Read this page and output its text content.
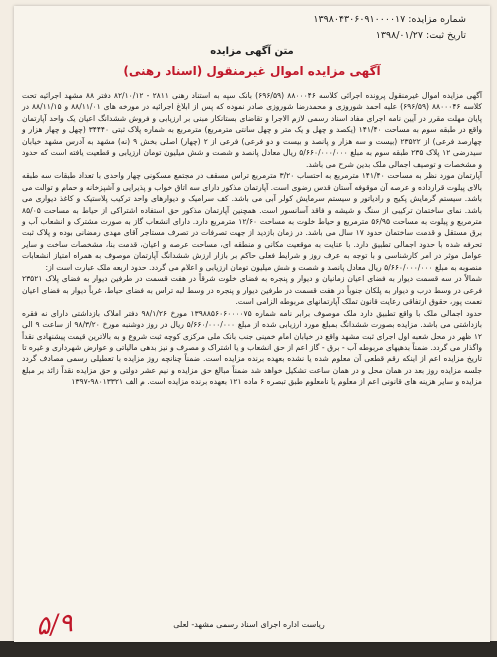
شماره مزایده: ۱۳۹۸۰۴۳۰۶۰۹۱۰۰۰۰۱۷
تاریخ ثبت: ۱۳۹۸/۰۱/۲۷
متن آگهی مزایده
آگهی مزایده اموال غیرمنقول (اسناد رهنی)

آگهی مزایده اموال غیرمنقول پرونده اجرائی کلاسه ۸۸۰۰۰۴۶ (۶۹۶/۵۹) بانک سپه به استناد رهنی ۲۸۱۱ - ۸۲/۱۰/۱۲ دفتر ۸۸ مشهد اجرائیه تحت کلاسه ۸۸۰۰۰۴۶ (۶۹۶/۵۹) علیه احمد شوروزی و محمدرضا شوروزی صادر نموده که پس از ابلاغ اجرائیه در مورخه های ۸۸/۱۱/۰۱ و ۸۸/۱۱/۱۵ در پایان مهلت مقرر در آیین نامه اجرای مفاد اسناد رسمی لازم الاجرا و تقاضای بستانکار مبنی بر ارزیابی و فروش ششدانگ اعیان یک واحد آپارتمان واقع در طبقه سوم به مساحت ۱۴۱/۴۰ (یکصد و چهل و یک متر و چهل سانتی مترمربع) مترمربع به شماره پلاک ثبتی ۳۴۴۴۰ (چهل و چهار هزار و چهارصد فرعی) از ۲۳۵۲۲ (بیست و سه هزار و پانصد و بیست و دو فرعی) فرعی از ۲ (چهار) اصلی بخش ۹ (نه) مشهد به آدرس مشهد خیابان سیدرضی ۱۲ پلاک ۲۳۵ طبقه سوم به مبلغ ۵/۶۶۰/۰۰۰/۰۰۰ ریال معادل پانصد و شصت و شش میلیون تومان ارزیابی و قطعیت یافته است که حدود و مشخصات و توصیف اجمالی ملک بدین شرح می باشد.

آپارتمان مورد نظر به مساحت ۱۴۱/۴۰ مترمربع به احتساب ۳/۲۰ مترمربع تراس مسقف در مجتمع مسکونی چهار واحدی با تعداد طبقات سه طبقه بالای پیلوت قرارداده و عرصه آن موقوفه آستان قدس رضوی است. آپارتمان مذکور دارای سه اتاق خواب و پذیرایی و آشپزخانه و حمام و توالت می باشد. سیستم گرمایش پکیج و رادیاتور و سیستم سرمایش کولر آبی می باشد. کف سرامیک و دیوارهای واحد ترکیب پلاستیک و کاغذ دیواری می باشد. نمای ساختمان ترکیبی از سنگ و شیشه و فاقد آسانسور است. همچنین آپارتمان مذکور حق استفاده اشتراکی از حیاط به مساحت ۸۵/۰۵ مترمربع و پیلوت به مساحت ۵۶/۹۵ مترمربع و حیاط خلوت به مساحت ۱۲/۶۰ مترمربع دارد. دارای انشعاب گاز به صورت مشترک و انشعاب آب و برق مستقل و قدمت ساختمان حدود ۱۷ سال می باشد. در زمان بازدید از جهت تصرفات در تصرف مستاجر آقای مهدی رمضانی بوده و پلاک ثبت تحرفه شده با حدود اجمالی تطبیق دارد. با عنایت به موقعیت مکانی و منطقه ای، مساحت عرصه و اعیان، قدمت بنا، مشخصات ساخت و سایر عوامل موثر در امر کارشناسی و با توجه به عرف روز و شرایط فعلی حاکم بر بازار ارزش ششدانگ آپارتمان موصوف به همراه امتیاز انشعابات منصوبه به مبلغ ۵/۶۶۰/۰۰۰/۰۰۰ ریال معادل پانصد و شصت و شش میلیون تومان ارزیابی و اعلام می گردد. حدود اربعه ملک عبارت است از:

شمالاً در سه قسمت دیوار به فضای اعیان زمانیان و دیوار و پنجره به فضای خلوت شرقاً در هفت قسمت در طرفین دیوار به فضای پلاک ۲۳۵۲۱ فرعی در وسط درب و دیوار به پلکان جنوباً در هفت قسمت در طرفین دیوار و پنجره در وسط لبه تراس به فضای حیاط، غرباً دیوار به فضای اعیان نعمت پور، حقوق ارتفاقی رعایت قانون تملک آپارتمانهای مربوطه الزامی است.

حدود اجمالی ملک با واقع تطبیق دارد ملک موصوف برابر نامه شماره ۱۳۹۸۸۵۶۰۶۰۰۰۰۷۵ مورخ ۹۸/۱/۲۶ دفتر املاک بازداشتی دارای نه فقره بازداشتی می باشد. مزایده بصورت ششدانگ بمبلغ مورد ارزیابی شده از مبلغ ۵/۶۶۰/۰۰۰/۰۰۰ ریال در روز دوشنبه مورخ ۹۸/۳/۲۰ از ساعت ۹ الی ۱۲ ظهر در محل شعبه اول اجرای ثبت مشهد واقع در خیابان امام خمینی جنب بانک ملی مرکزی کوچه ثبت شروع و به بالاترین قیمت پیشنهادی نقداً واگذار می گردد. ضمناً بدهیهای مربوطه آب - برق - گاز اعم از حق انشعاب و یا اشتراک و مصرف و نیز بدهی مالیاتی و عوارض شهرداری و غیره تا تاریخ مزایده اعم از اینکه رقم قطعی آن معلوم شده یا نشده بعهده برنده مزایده است. ضمناً چنانچه روز مزایده با تعطیلی رسمی مصادف گردد جلسه مزایده روز بعد در همان محل و در همان ساعت تشکیل خواهد شد ضمناً مبالغ حق مزایده و نیم عشر دولتی و حق مزایده نقداً زائد بر مبلغ مزایده و سایر هزینه های قانونی اعم از معلوم یا نامعلوم طبق تبصره ۶ ماده ۱۲۱ بعهده برنده مزایده است. م الف ۹۸۰۱۳۳۲۱-۱۳۹۷

ریاست اداره اجرای اسناد رسمی مشهد- لعلی
۵/۹
